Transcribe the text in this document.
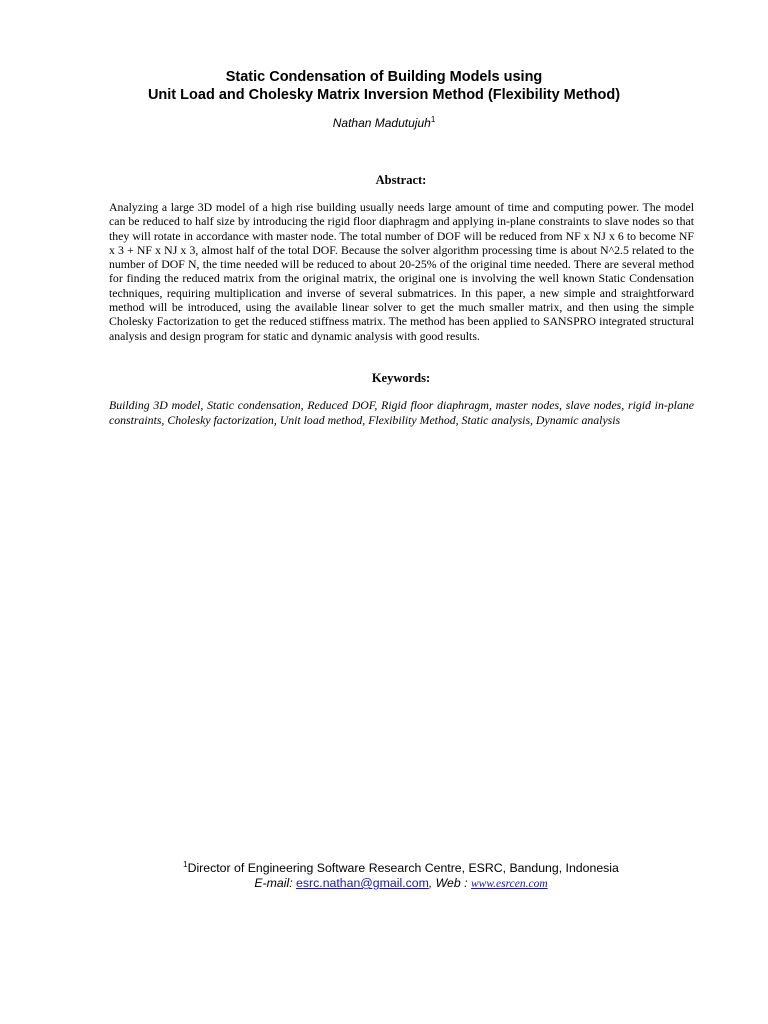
Static Condensation of Building Models using
Unit Load and Cholesky Matrix Inversion Method (Flexibility Method)
Nathan Madutujuh$^1$
Abstract:

Analyzing a large 3D model of a high rise building usually needs large amount of time and computing power. The model can be reduced to half size by introducing the rigid floor diaphragm and applying in-plane constraints to slave nodes so that they will rotate in accordance with master node. The total number of DOF will be reduced from NF x NJ x 6 to become NF x 3 + NF x NJ x 3, almost half of the total DOF. Because the solver algorithm processing time is about N^2.5 related to the number of DOF N, the time needed will be reduced to about 20-25% of the original time needed. There are several method for finding the reduced matrix from the original matrix, the original one is involving the well known Static Condensation techniques, requiring multiplication and inverse of several submatrices. In this paper, a new simple and straightforward method will be introduced, using the available linear solver to get the much smaller matrix, and then using the simple Cholesky Factorization to get the reduced stiffness matrix. The method has been applied to SANSPRO integrated structural analysis and design program for static and dynamic analysis with good results.

Keywords:

Building 3D model, Static condensation, Reduced DOF, Rigid floor diaphragm, master nodes, slave nodes, rigid in-plane constraints, Cholesky factorization, Unit load method, Flexibility Method, Static analysis, Dynamic analysis

$^1$Director of Engineering Software Research Centre, ESRC, Bandung, Indonesia
E-mail: esrc.nathan@gmail.com, Web : www.esrcen.com
